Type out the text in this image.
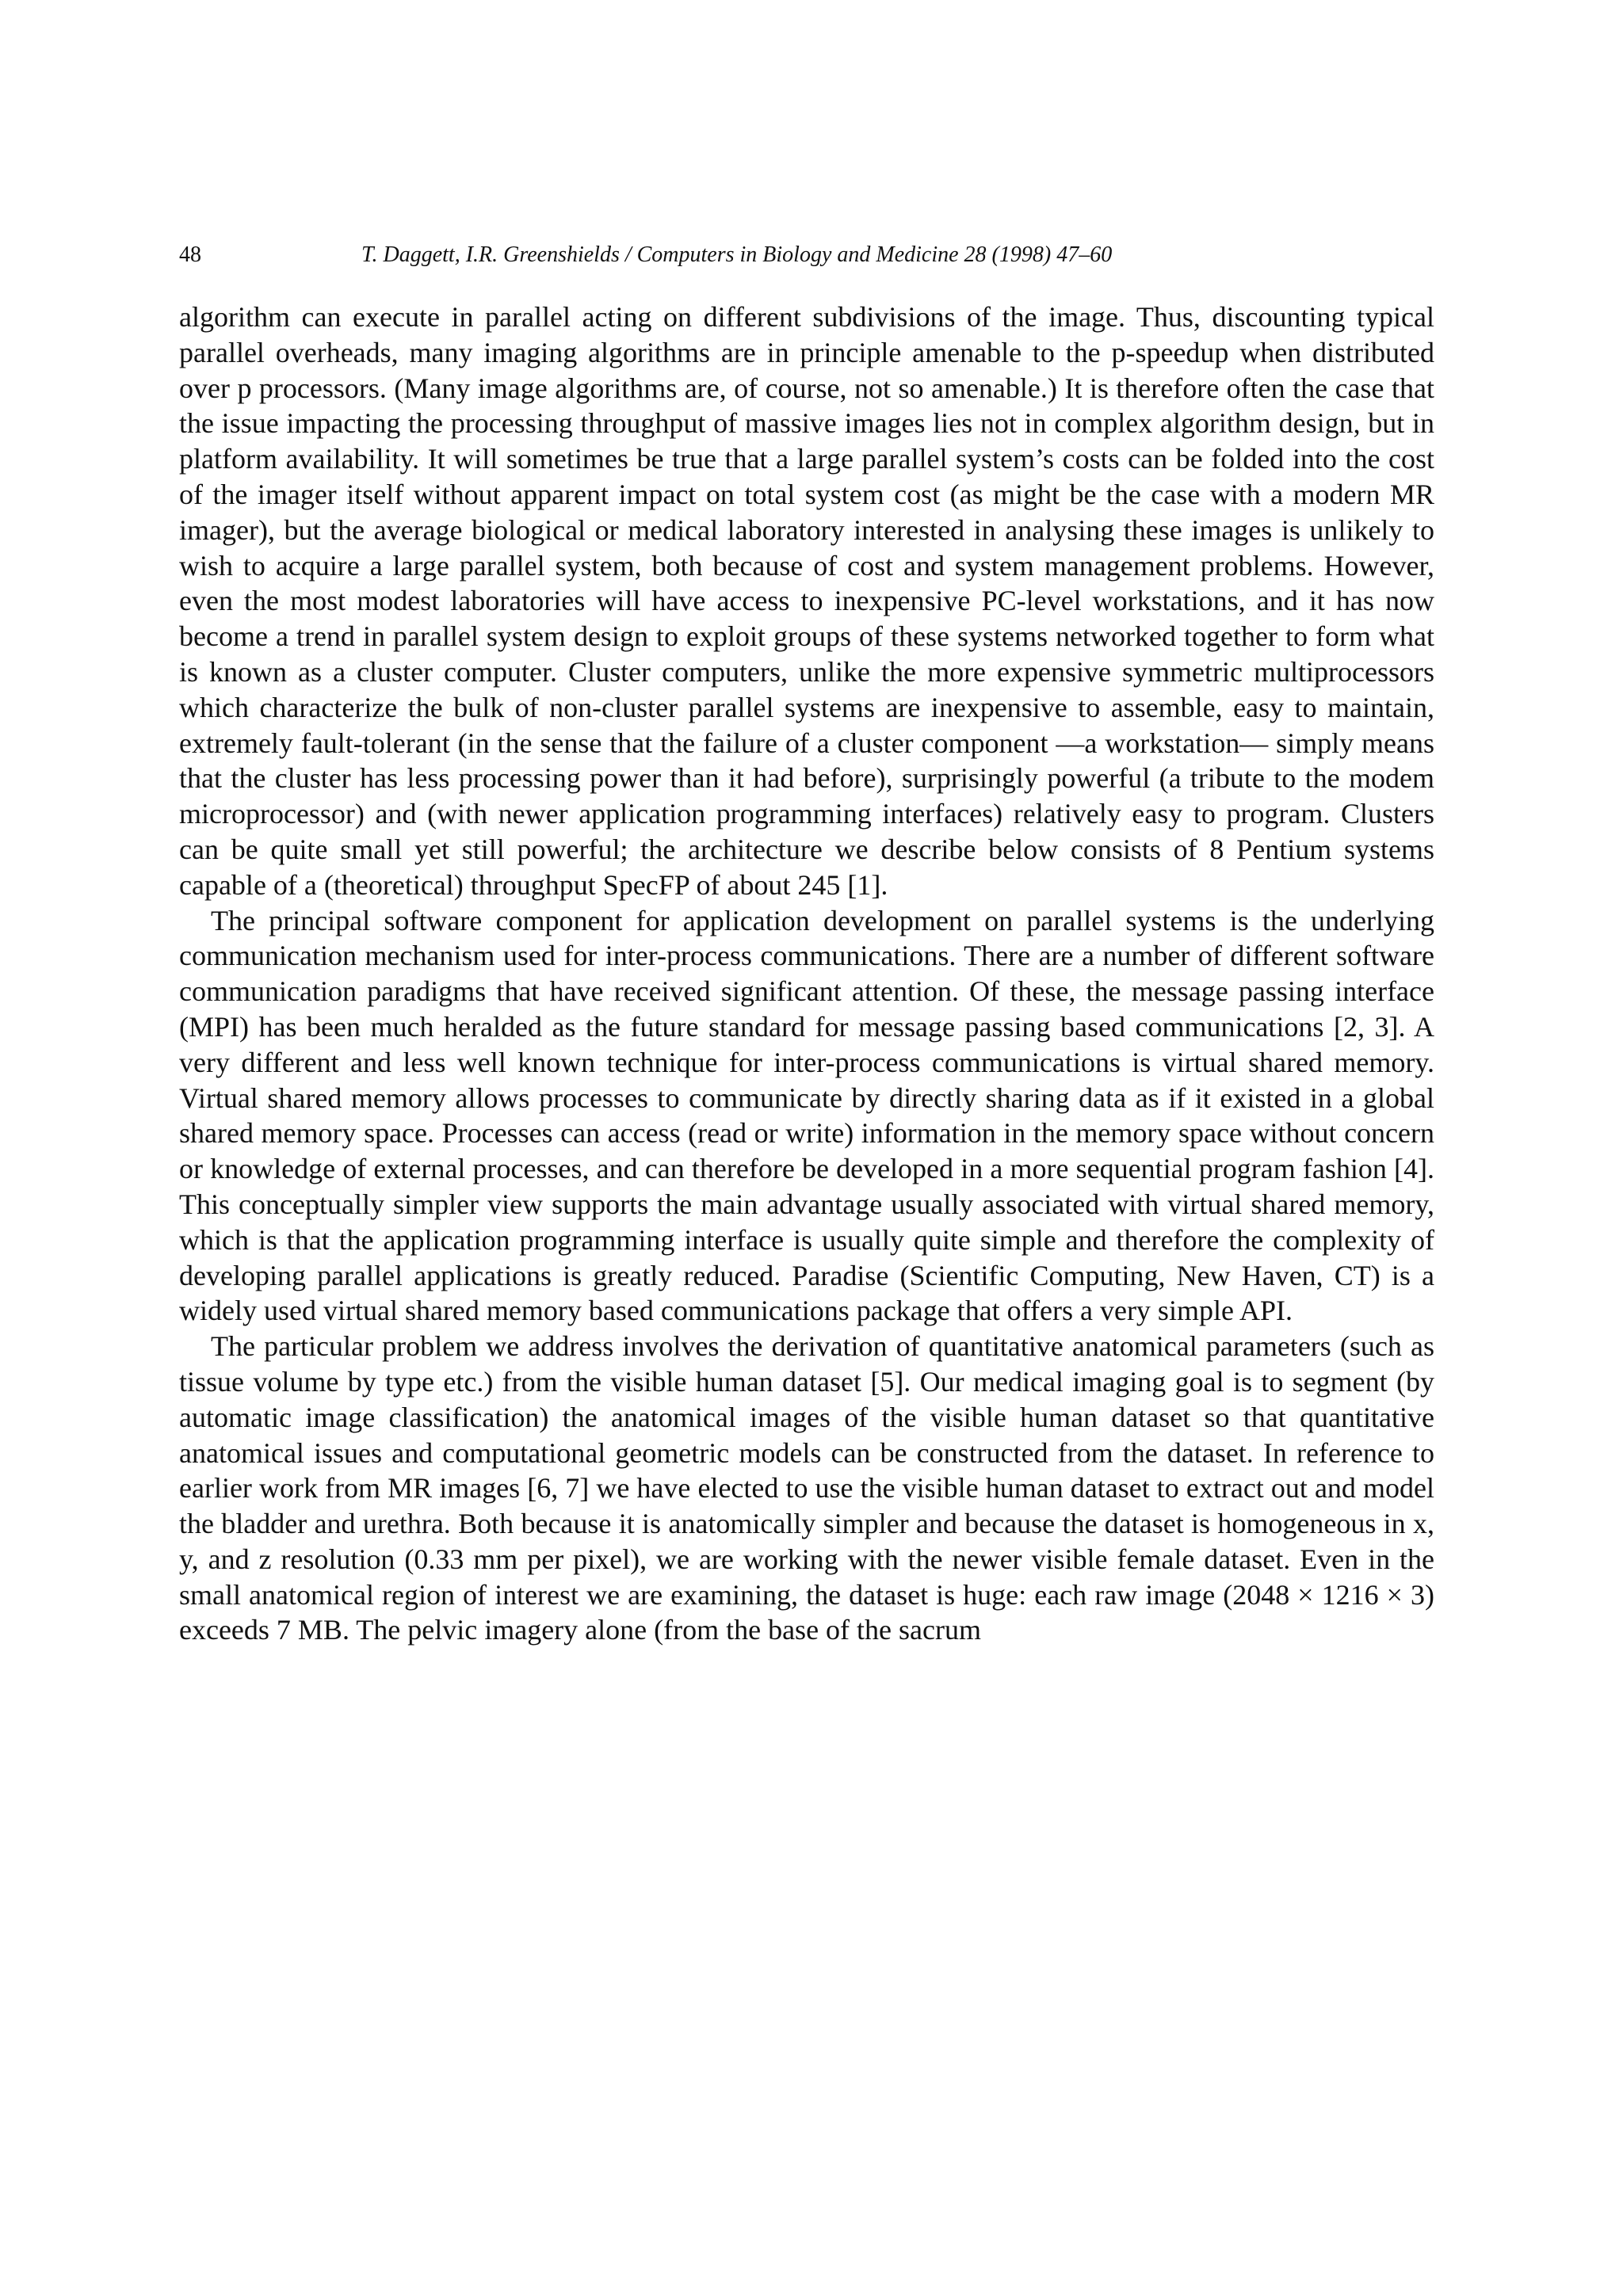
48	T. Daggett, I.R. Greenshields / Computers in Biology and Medicine 28 (1998) 47–60

algorithm can execute in parallel acting on different subdivisions of the image. Thus, discounting typical parallel overheads, many imaging algorithms are in principle amenable to the p-speedup when distributed over p processors. (Many image algorithms are, of course, not so amenable.) It is therefore often the case that the issue impacting the processing throughput of massive images lies not in complex algorithm design, but in platform availability. It will sometimes be true that a large parallel system’s costs can be folded into the cost of the imager itself without apparent impact on total system cost (as might be the case with a modern MR imager), but the average biological or medical laboratory interested in analysing these images is unlikely to wish to acquire a large parallel system, both because of cost and system management problems. However, even the most modest laboratories will have access to inexpensive PC-level workstations, and it has now become a trend in parallel system design to exploit groups of these systems networked together to form what is known as a cluster computer. Cluster computers, unlike the more expensive symmetric multiprocessors which characterize the bulk of non-cluster parallel systems are inexpensive to assemble, easy to maintain, extremely fault-tolerant (in the sense that the failure of a cluster component —a workstation— simply means that the cluster has less processing power than it had before), surprisingly powerful (a tribute to the modem microprocessor) and (with newer application programming interfaces) relatively easy to program. Clusters can be quite small yet still powerful; the architecture we describe below consists of 8 Pentium systems capable of a (theoretical) throughput SpecFP of about 245 [1].

The principal software component for application development on parallel systems is the underlying communication mechanism used for inter-process communications. There are a number of different software communication paradigms that have received significant attention. Of these, the message passing interface (MPI) has been much heralded as the future standard for message passing based communications [2, 3]. A very different and less well known technique for inter-process communications is virtual shared memory. Virtual shared memory allows processes to communicate by directly sharing data as if it existed in a global shared memory space. Processes can access (read or write) information in the memory space without concern or knowledge of external processes, and can therefore be developed in a more sequential program fashion [4]. This conceptually simpler view supports the main advantage usually associated with virtual shared memory, which is that the application programming interface is usually quite simple and therefore the complexity of developing parallel applications is greatly reduced. Paradise (Scientific Computing, New Haven, CT) is a widely used virtual shared memory based communications package that offers a very simple API.

The particular problem we address involves the derivation of quantitative anatomical parameters (such as tissue volume by type etc.) from the visible human dataset [5]. Our medical imaging goal is to segment (by automatic image classification) the anatomical images of the visible human dataset so that quantitative anatomical issues and computational geometric models can be constructed from the dataset. In reference to earlier work from MR images [6, 7] we have elected to use the visible human dataset to extract out and model the bladder and urethra. Both because it is anatomically simpler and because the dataset is homogeneous in x, y, and z resolution (0.33 mm per pixel), we are working with the newer visible female dataset. Even in the small anatomical region of interest we are examining, the dataset is huge: each raw image (2048 × 1216 × 3) exceeds 7 MB. The pelvic imagery alone (from the base of the sacrum
